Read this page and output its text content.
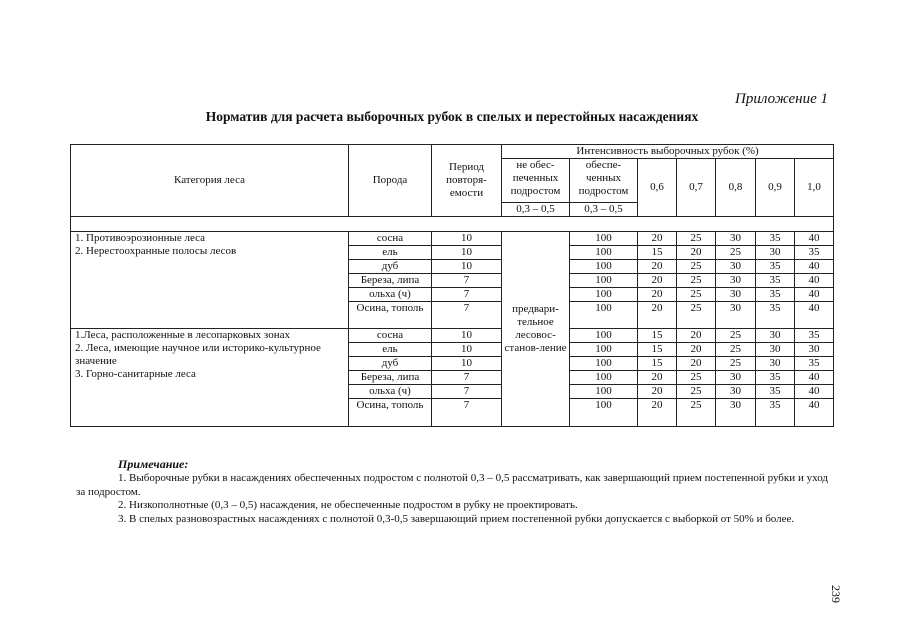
Приложение 1
Норматив для расчета выборочных рубок в спелых и перестойных насаждениях
Категория леса	Порода	Период повторя-емости	Интенсивность выборочных рубок (%)						
			не обес-печенных подростом	обеспе-ченных подростом	0,6	0,7	0,8	0,9	1,0
			0,3 – 0,5	0,3 – 0,5					

1. Противоэрозионные леса
2. Нерестоохранные полосы лесов	сосна	10	предвари-тельное лесовос-станов-ление	100	20	25	30	35	40
	ель	10		100	15	20	25	30	35
	дуб	10		100	20	25	30	35	40
	Береза, липа	7		100	20	25	30	35	40
	ольха (ч)	7		100	20	25	30	35	40
	Осина, тополь	7		100	20	25	30	35	40

1.Леса, расположенные в лесопарковых зонах
2. Леса, имеющие научное или историко-культурное значение
3. Горно-санитарные леса	сосна	10		100	15	20	25	30	35
	ель	10		100	15	20	25	30	30
	дуб	10		100	15	20	25	30	35
	Береза, липа	7		100	20	25	30	35	40
	ольха (ч)	7		100	20	25	30	35	40
	Осина, тополь	7		100	20	25	30	35	40
Примечание:

1. Выборочные рубки в насаждениях обеспеченных подростом с полнотой 0,3 – 0,5 рассматривать, как завершающий прием постепенной рубки и уход за подростом.

2. Низкополнотные (0,3 – 0,5) насаждения, не обеспеченные подростом в рубку не проектировать.

3. В спелых разновозрастных насаждениях с полнотой 0,3-0,5 завершающий прием постепенной рубки допускается с выборкой от 50% и более.

239
